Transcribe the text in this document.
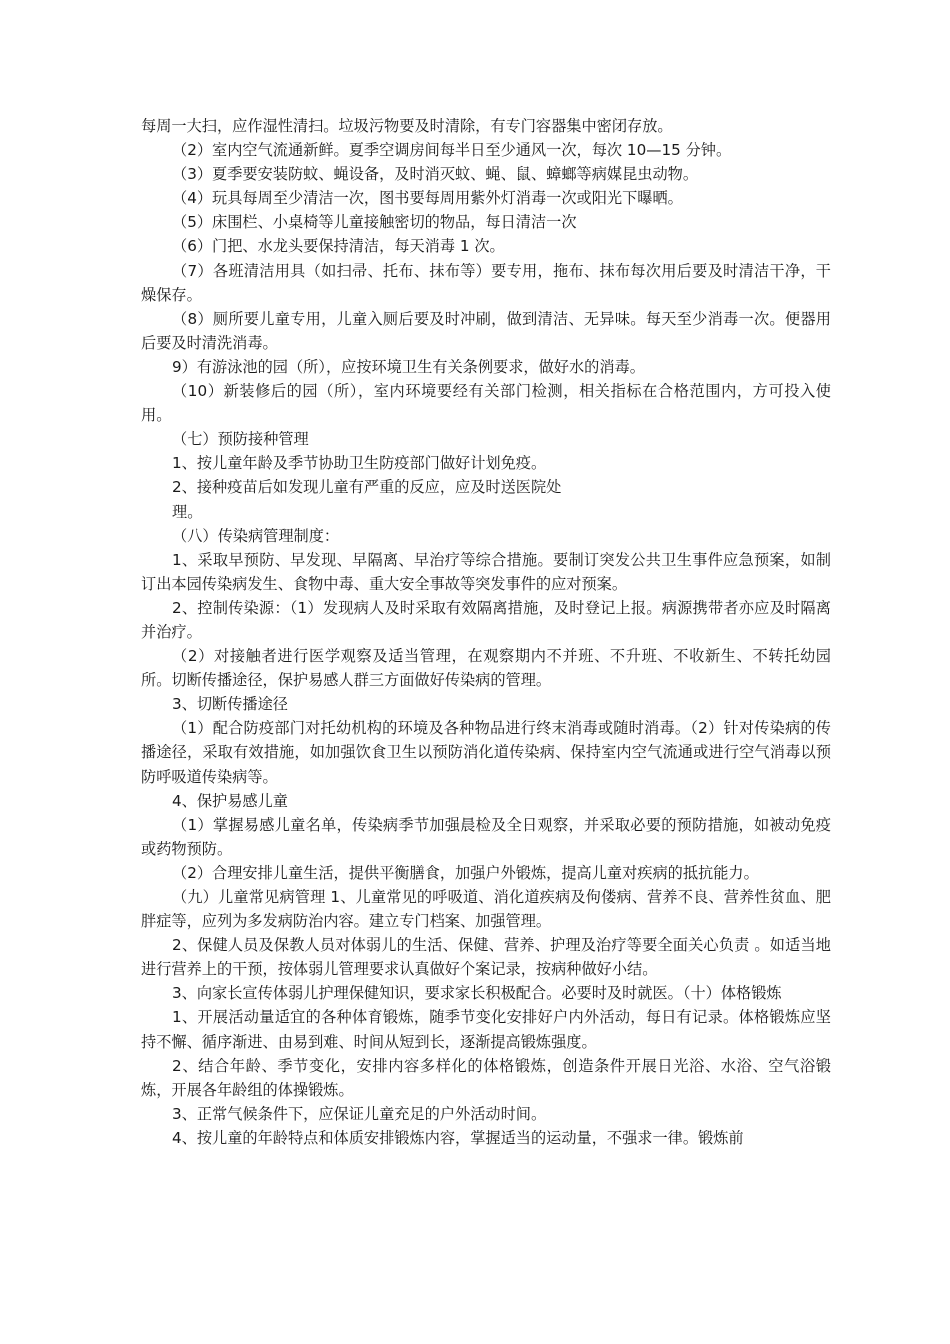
每周一大扫，应作湿性清扫。垃圾污物要及时清除，有专门容器集中密闭存放。

（2）室内空气流通新鲜。夏季空调房间每半日至少通风一次，每次 10—15 分钟。

（3）夏季要安装防蚊、蝇设备，及时消灭蚊、蝇、鼠、蟑螂等病媒昆虫动物。

（4）玩具每周至少清洁一次，图书要每周用紫外灯消毒一次或阳光下曝晒。

（5）床围栏、小桌椅等儿童接触密切的物品，每日清洁一次

（6）门把、水龙头要保持清洁，每天消毒 1 次。

（7）各班清洁用具（如扫帚、托布、抹布等）要专用，拖布、抹布每次用后要及时清洁干净，干燥保存。

（8）厕所要儿童专用，儿童入厕后要及时冲刷，做到清洁、无异味。每天至少消毒一次。便器用后要及时清洗消毒。

9）有游泳池的园（所），应按环境卫生有关条例要求，做好水的消毒。

（10）新装修后的园（所），室内环境要经有关部门检测，相关指标在合格范围内，方可投入使用。

（七）预防接种管理

1、按儿童年龄及季节协助卫生防疫部门做好计划免疫。

2、接种疫苗后如发现儿童有严重的反应，应及时送医院处

理。

（八）传染病管理制度：

1、采取早预防、早发现、早隔离、早治疗等综合措施。要制订突发公共卫生事件应急预案，如制订出本园传染病发生、食物中毒、重大安全事故等突发事件的应对预案。

2、控制传染源：（1）发现病人及时采取有效隔离措施，及时登记上报。病源携带者亦应及时隔离并治疗。

（2）对接触者进行医学观察及适当管理，在观察期内不并班、不升班、不收新生、不转托幼园所。切断传播途径，保护易感人群三方面做好传染病的管理。

3、切断传播途径

（1）配合防疫部门对托幼机构的环境及各种物品进行终末消毒或随时消毒。（2）针对传染病的传播途径，采取有效措施，如加强饮食卫生以预防消化道传染病、保持室内空气流通或进行空气消毒以预防呼吸道传染病等。

4、保护易感儿童

（1）掌握易感儿童名单，传染病季节加强晨检及全日观察，并采取必要的预防措施，如被动免疫或药物预防。

（2）合理安排儿童生活，提供平衡膳食，加强户外锻炼，提高儿童对疾病的抵抗能力。

（九）儿童常见病管理 1、儿童常见的呼吸道、消化道疾病及佝偻病、营养不良、营养性贫血、肥胖症等，应列为多发病防治内容。建立专门档案、加强管理。

2、保健人员及保教人员对体弱儿的生活、保健、营养、护理及治疗等要全面关心负责 。如适当地进行营养上的干预，按体弱儿管理要求认真做好个案记录，按病种做好小结。

3、向家长宣传体弱儿护理保健知识，要求家长积极配合。必要时及时就医。（十）体格锻炼

1、开展活动量适宜的各种体育锻炼，随季节变化安排好户内外活动，每日有记录。体格锻炼应坚持不懈、循序渐进、由易到难、时间从短到长，逐渐提高锻炼强度。

2、结合年龄、季节变化，安排内容多样化的体格锻炼，创造条件开展日光浴、水浴、空气浴锻炼，开展各年龄组的体操锻炼。

3、正常气候条件下，应保证儿童充足的户外活动时间。

4、按儿童的年龄特点和体质安排锻炼内容，掌握适当的运动量，不强求一律。锻炼前
